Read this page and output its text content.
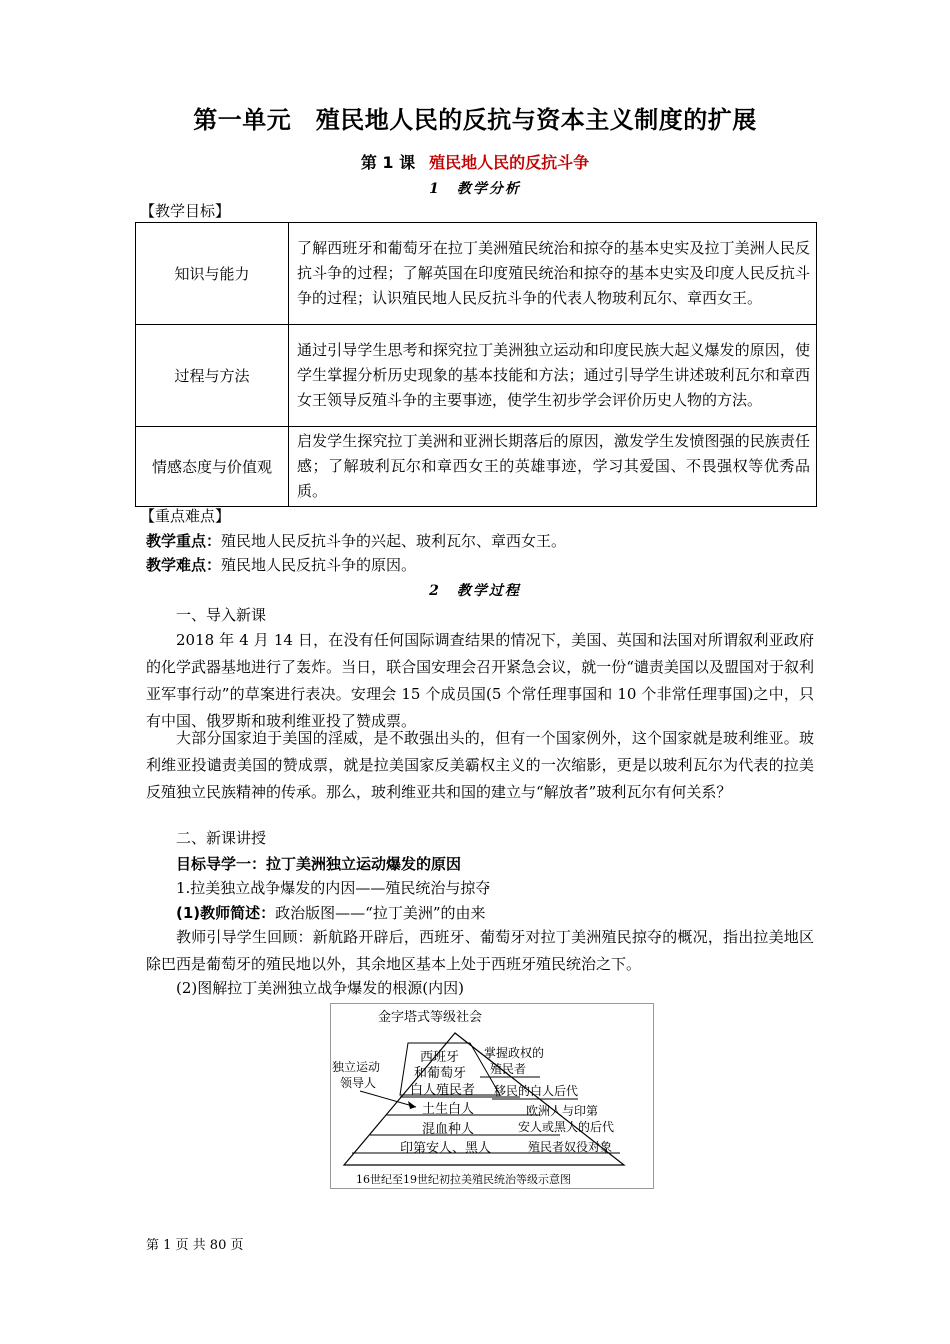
第一单元　殖民地人民的反抗与资本主义制度的扩展
第 1 课 殖民地人民的反抗斗争
1　教学分析
【教学目标】
知识与能力	了解西班牙和葡萄牙在拉丁美洲殖民统治和掠夺的基本史实及拉丁美洲人民反抗斗争的过程；了解英国在印度殖民统治和掠夺的基本史实及印度人民反抗斗争的过程；认识殖民地人民反抗斗争的代表人物玻利瓦尔、章西女王。
过程与方法	通过引导学生思考和探究拉丁美洲独立运动和印度民族大起义爆发的原因，使学生掌握分析历史现象的基本技能和方法；通过引导学生讲述玻利瓦尔和章西女王领导反殖斗争的主要事迹，使学生初步学会评价历史人物的方法。
情感态度与价值观	启发学生探究拉丁美洲和亚洲长期落后的原因，激发学生发愤图强的民族责任感；了解玻利瓦尔和章西女王的英雄事迹，学习其爱国、不畏强权等优秀品质。
【重点难点】
教学重点：殖民地人民反抗斗争的兴起、玻利瓦尔、章西女王。
教学难点：殖民地人民反抗斗争的原因。
2　教学过程
一、导入新课
2018 年 4 月 14 日，在没有任何国际调查结果的情况下，美国、英国和法国对所谓叙利亚政府的化学武器基地进行了轰炸。当日，联合国安理会召开紧急会议，就一份“谴责美国以及盟国对于叙利亚军事行动”的草案进行表决。安理会 15 个成员国(5 个常任理事国和 10 个非常任理事国)之中，只有中国、俄罗斯和玻利维亚投了赞成票。
大部分国家迫于美国的淫威，是不敢强出头的，但有一个国家例外，这个国家就是玻利维亚。玻利维亚投谴责美国的赞成票，就是拉美国家反美霸权主义的一次缩影，更是以玻利瓦尔为代表的拉美反殖独立民族精神的传承。那么，玻利维亚共和国的建立与“解放者”玻利瓦尔有何关系？
二、新课讲授
目标导学一：拉丁美洲独立运动爆发的原因
1.拉美独立战争爆发的内因——殖民统治与掠夺
(1)教师简述：政治版图——“拉丁美洲”的由来
教师引导学生回顾：新航路开辟后，西班牙、葡萄牙对拉丁美洲殖民掠夺的概况，指出拉美地区除巴西是葡萄牙的殖民地以外，其余地区基本上处于西班牙殖民统治之下。
(2)图解拉丁美洲独立战争爆发的根源(内因)
金字塔式等级社会
西班牙
和葡萄牙
白人殖民者
土生白人
混血种人
印第安人、黑人
独立运动
领导人
掌握政权的
殖民者
移民的白人后代
欧洲人与印第
安人或黑人的后代
殖民者奴役对象
16世纪至19世纪初拉美殖民统治等级示意图
第 1 页 共 80 页
